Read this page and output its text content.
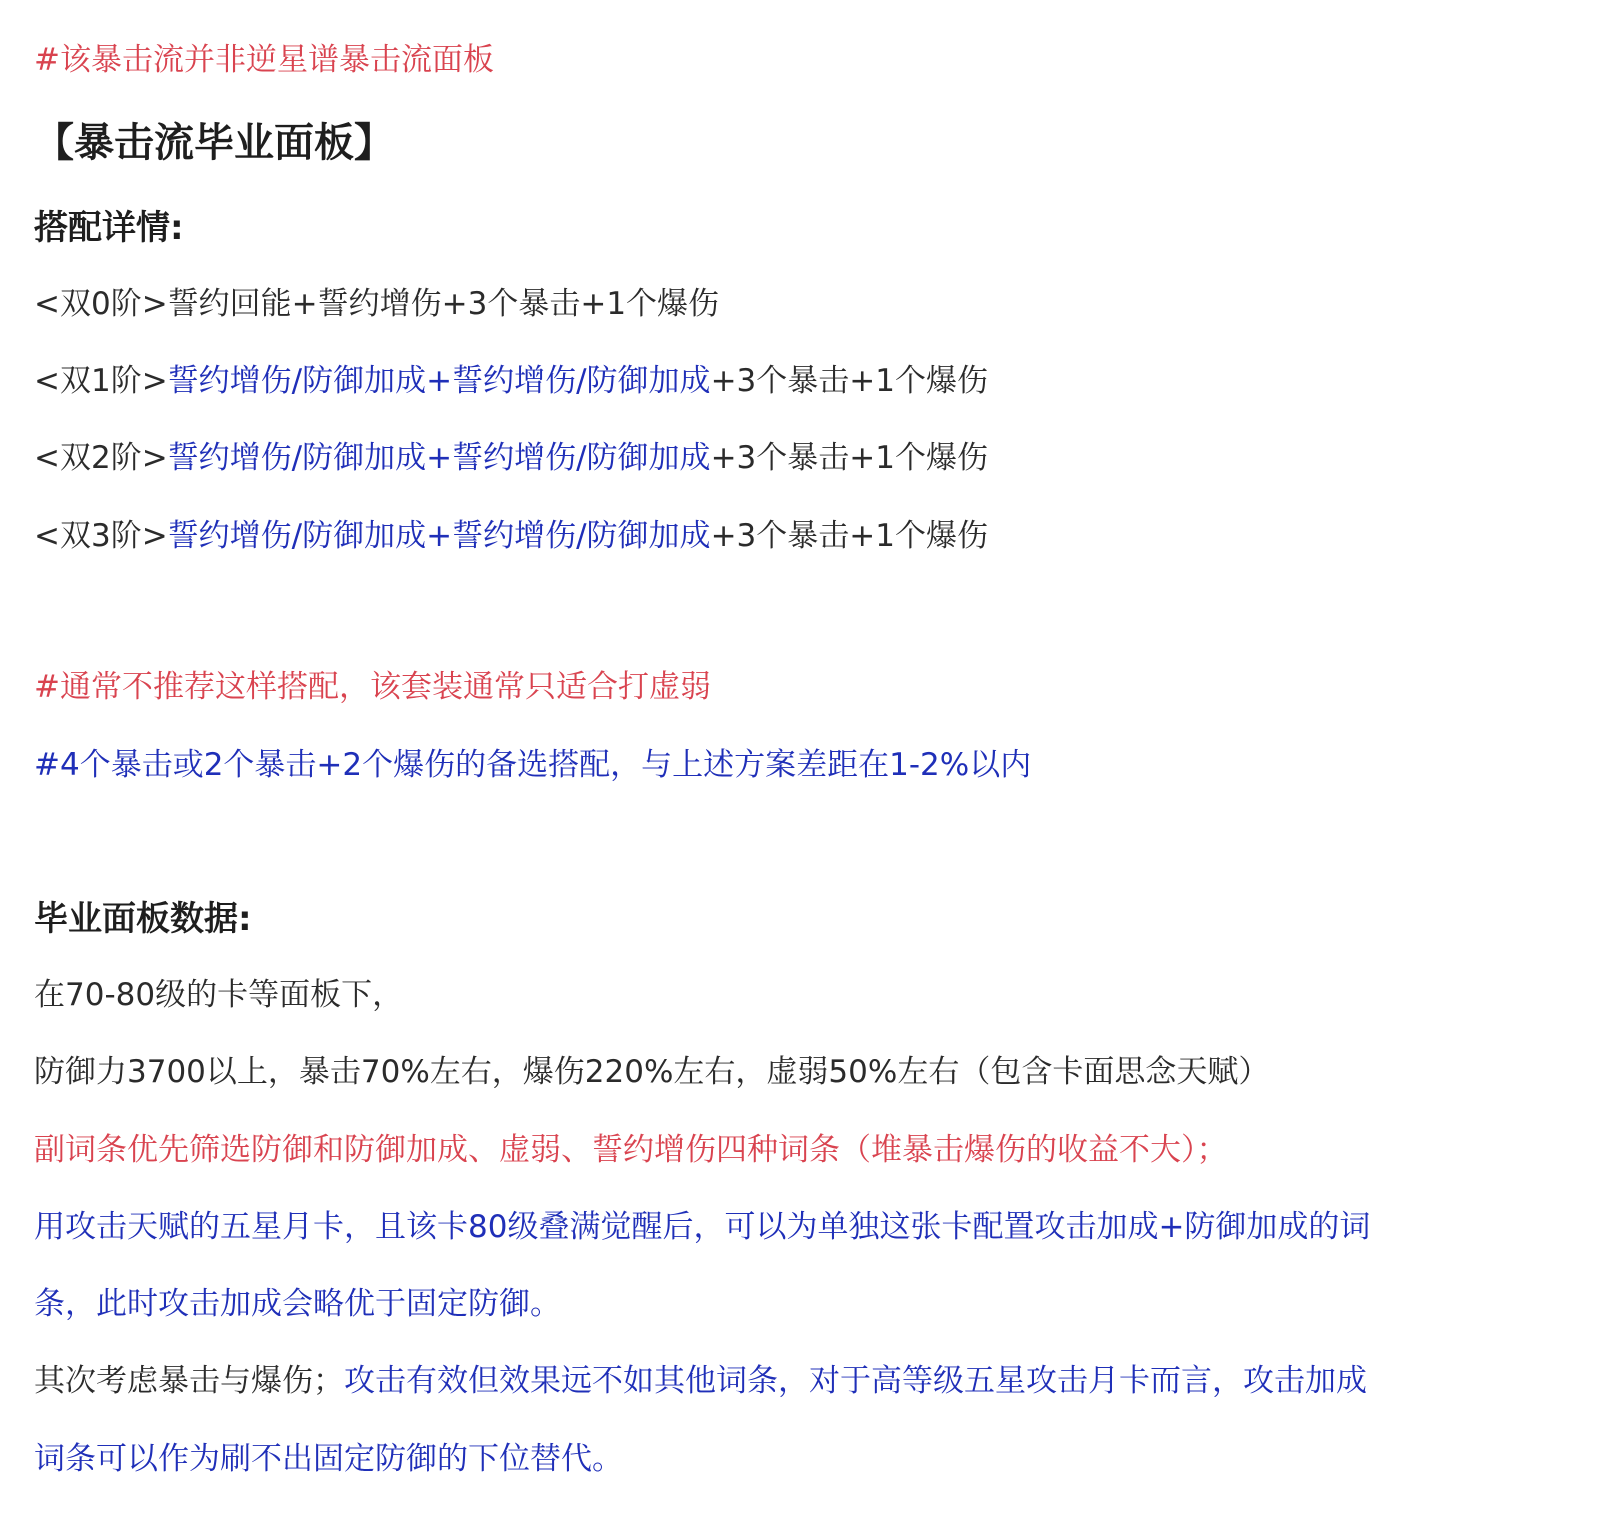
#该暴击流并非逆星谱暴击流面板
【暴击流毕业面板】
搭配详情:
<双0阶>誓约回能+誓约增伤+3个暴击+1个爆伤
<双1阶>誓约增伤/防御加成+誓约增伤/防御加成+3个暴击+1个爆伤
<双2阶>誓约增伤/防御加成+誓约增伤/防御加成+3个暴击+1个爆伤
<双3阶>誓约增伤/防御加成+誓约增伤/防御加成+3个暴击+1个爆伤
#通常不推荐这样搭配，该套装通常只适合打虚弱
#4个暴击或2个暴击+2个爆伤的备选搭配，与上述方案差距在1-2%以内
毕业面板数据:
在70-80级的卡等面板下，
防御力3700以上，暴击70%左右，爆伤220%左右，虚弱50%左右（包含卡面思念天赋）
副词条优先筛选防御和防御加成、虚弱、誓约增伤四种词条（堆暴击爆伤的收益不大）；
用攻击天赋的五星月卡，且该卡80级叠满觉醒后，可以为单独这张卡配置攻击加成+防御加成的词
条，此时攻击加成会略优于固定防御。
其次考虑暴击与爆伤；攻击有效但效果远不如其他词条，对于高等级五星攻击月卡而言，攻击加成
词条可以作为刷不出固定防御的下位替代。
